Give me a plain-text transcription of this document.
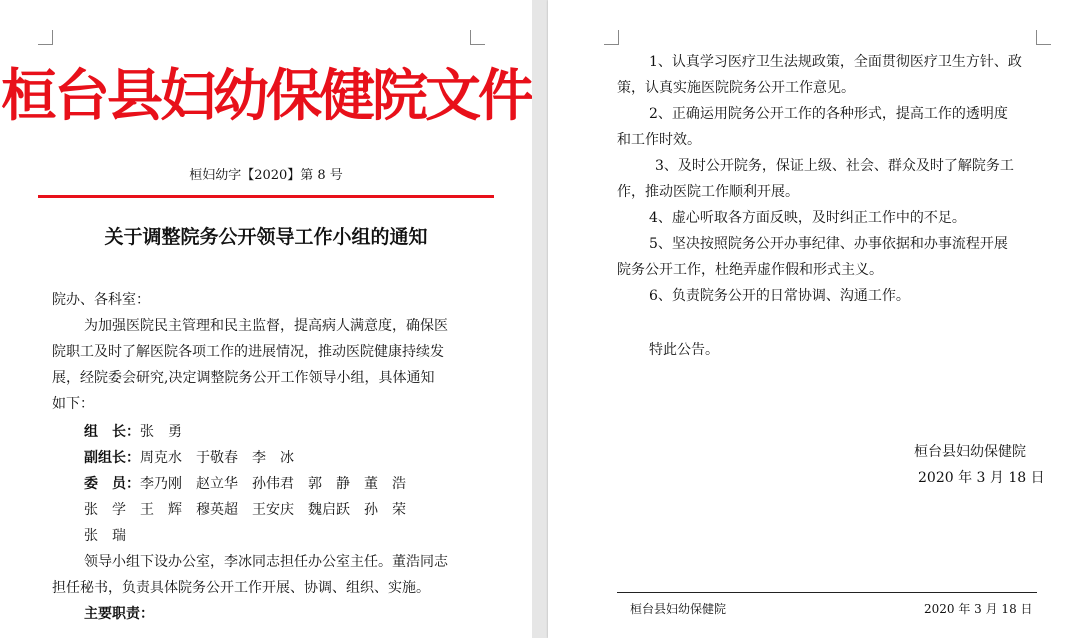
桓台县妇幼保健院文件
桓妇幼字【2020】第 8 号
关于调整院务公开领导工作小组的通知
院办、各科室：
为加强医院民主管理和民主监督，提高病人满意度，确保医
院职工及时了解医院各项工作的进展情况，推动医院健康持续发
展，经院委会研究,决定调整院务公开工作领导小组，具体通知
如下：
组　长：张　勇
副组长：周克水　于敬春　李　冰
委　员：李乃刚　赵立华　孙伟君　郭　静　董　浩
张　学　王　辉　穆英超　王安庆　魏启跃　孙　荣
张　瑞
领导小组下设办公室，李冰同志担任办公室主任。董浩同志
担任秘书，负责具体院务公开工作开展、协调、组织、实施。
主要职责：
1、认真学习医疗卫生法规政策，全面贯彻医疗卫生方针、政
策，认真实施医院院务公开工作意见。
2、正确运用院务公开工作的各种形式，提高工作的透明度
和工作时效。
3、及时公开院务，保证上级、社会、群众及时了解院务工
作，推动医院工作顺利开展。
4、虚心听取各方面反映，及时纠正工作中的不足。
5、坚决按照院务公开办事纪律、办事依据和办事流程开展
院务公开工作，杜绝弄虚作假和形式主义。
6、负责院务公开的日常协调、沟通工作。
特此公告。
桓台县妇幼保健院
2020 年 3 月 18 日
桓台县妇幼保健院	2020 年 3 月 18 日
